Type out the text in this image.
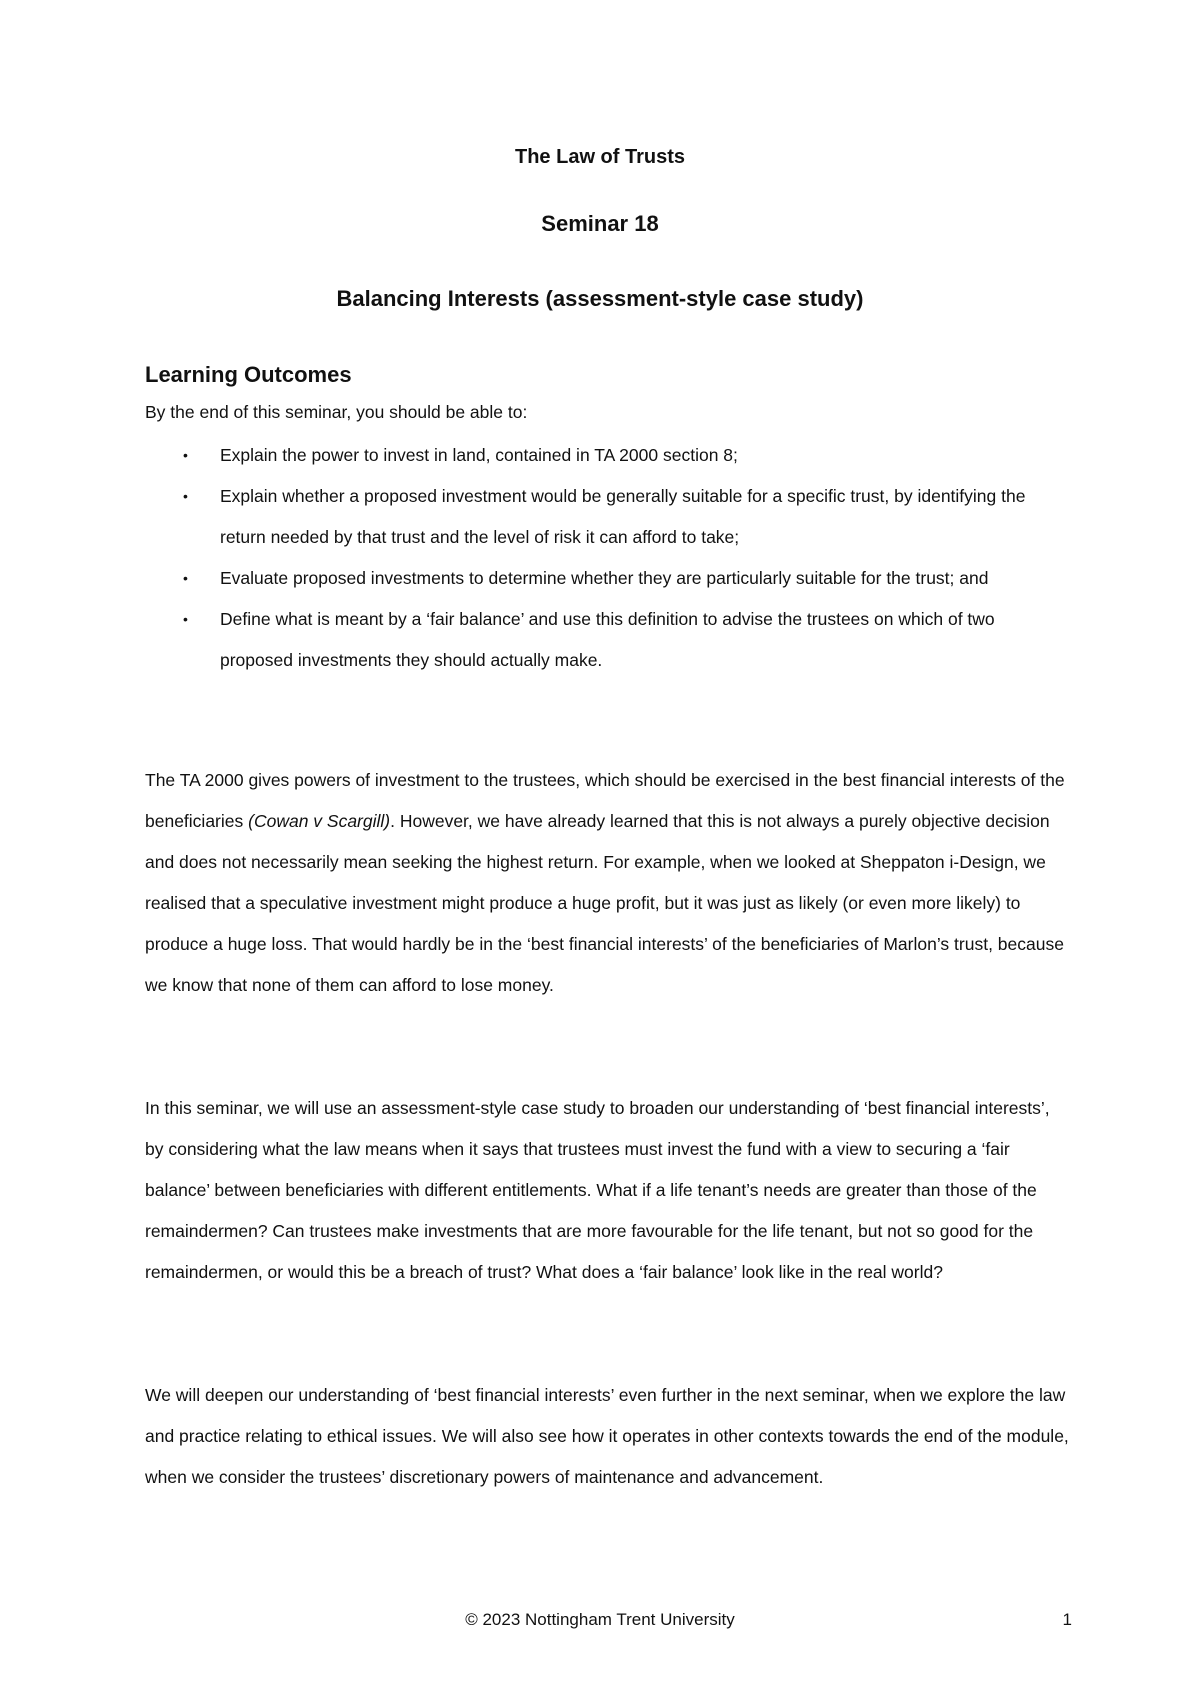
The Law of Trusts

Seminar 18

Balancing Interests (assessment-style case study)

Learning Outcomes

By the end of this seminar, you should be able to:

• Explain the power to invest in land, contained in TA 2000 section 8;
• Explain whether a proposed investment would be generally suitable for a specific trust, by identifying the return needed by that trust and the level of risk it can afford to take;
• Evaluate proposed investments to determine whether they are particularly suitable for the trust; and
• Define what is meant by a ‘fair balance’ and use this definition to advise the trustees on which of two proposed investments they should actually make.

The TA 2000 gives powers of investment to the trustees, which should be exercised in the best financial interests of the beneficiaries (Cowan v Scargill). However, we have already learned that this is not always a purely objective decision and does not necessarily mean seeking the highest return. For example, when we looked at Sheppaton i-Design, we realised that a speculative investment might produce a huge profit, but it was just as likely (or even more likely) to produce a huge loss. That would hardly be in the ‘best financial interests’ of the beneficiaries of Marlon’s trust, because we know that none of them can afford to lose money.

In this seminar, we will use an assessment-style case study to broaden our understanding of ‘best financial interests’, by considering what the law means when it says that trustees must invest the fund with a view to securing a ‘fair balance’ between beneficiaries with different entitlements. What if a life tenant’s needs are greater than those of the remaindermen? Can trustees make investments that are more favourable for the life tenant, but not so good for the remaindermen, or would this be a breach of trust? What does a ‘fair balance’ look like in the real world?

We will deepen our understanding of ‘best financial interests’ even further in the next seminar, when we explore the law and practice relating to ethical issues. We will also see how it operates in other contexts towards the end of the module, when we consider the trustees’ discretionary powers of maintenance and advancement.

© 2023 Nottingham Trent University	1
